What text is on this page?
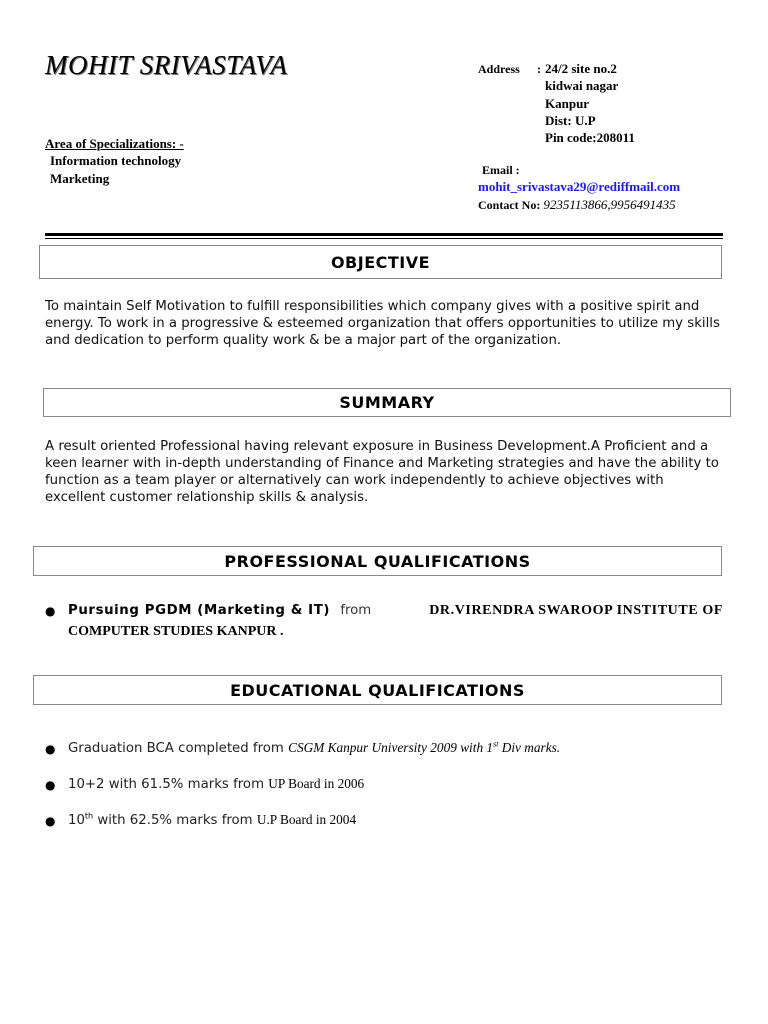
MOHIT SRIVASTAVA
Area of Specializations: -
Information technology
Marketing
Address : 24/2 site no.2
kidwai nagar
Kanpur
Dist: U.P
Pin code:208011
Email :
mohit_srivastava29@rediffmail.com
Contact No: 9235113866,9956491435
OBJECTIVE
To maintain Self Motivation to fulfill responsibilities which company gives with a positive spirit and energy. To work in a progressive & esteemed organization that offers opportunities to utilize my skills and dedication to perform quality work & be a major part of the organization.
SUMMARY
A result oriented Professional having relevant exposure in Business Development.A Proficient and a keen learner with in-depth understanding of Finance and Marketing strategies and have the ability to function as a team player or alternatively can work independently to achieve objectives with excellent customer relationship skills & analysis.
PROFESSIONAL QUALIFICATIONS
● Pursuing PGDM (Marketing & IT) from	DR.VIRENDRA SWAROOP INSTITUTE OF
COMPUTER STUDIES KANPUR .
EDUCATIONAL QUALIFICATIONS
● Graduation BCA completed from CSGM Kanpur University 2009 with 1st Div marks.
● 10+2 with 61.5% marks from UP Board in 2006
● 10th with 62.5% marks from U.P Board in 2004
